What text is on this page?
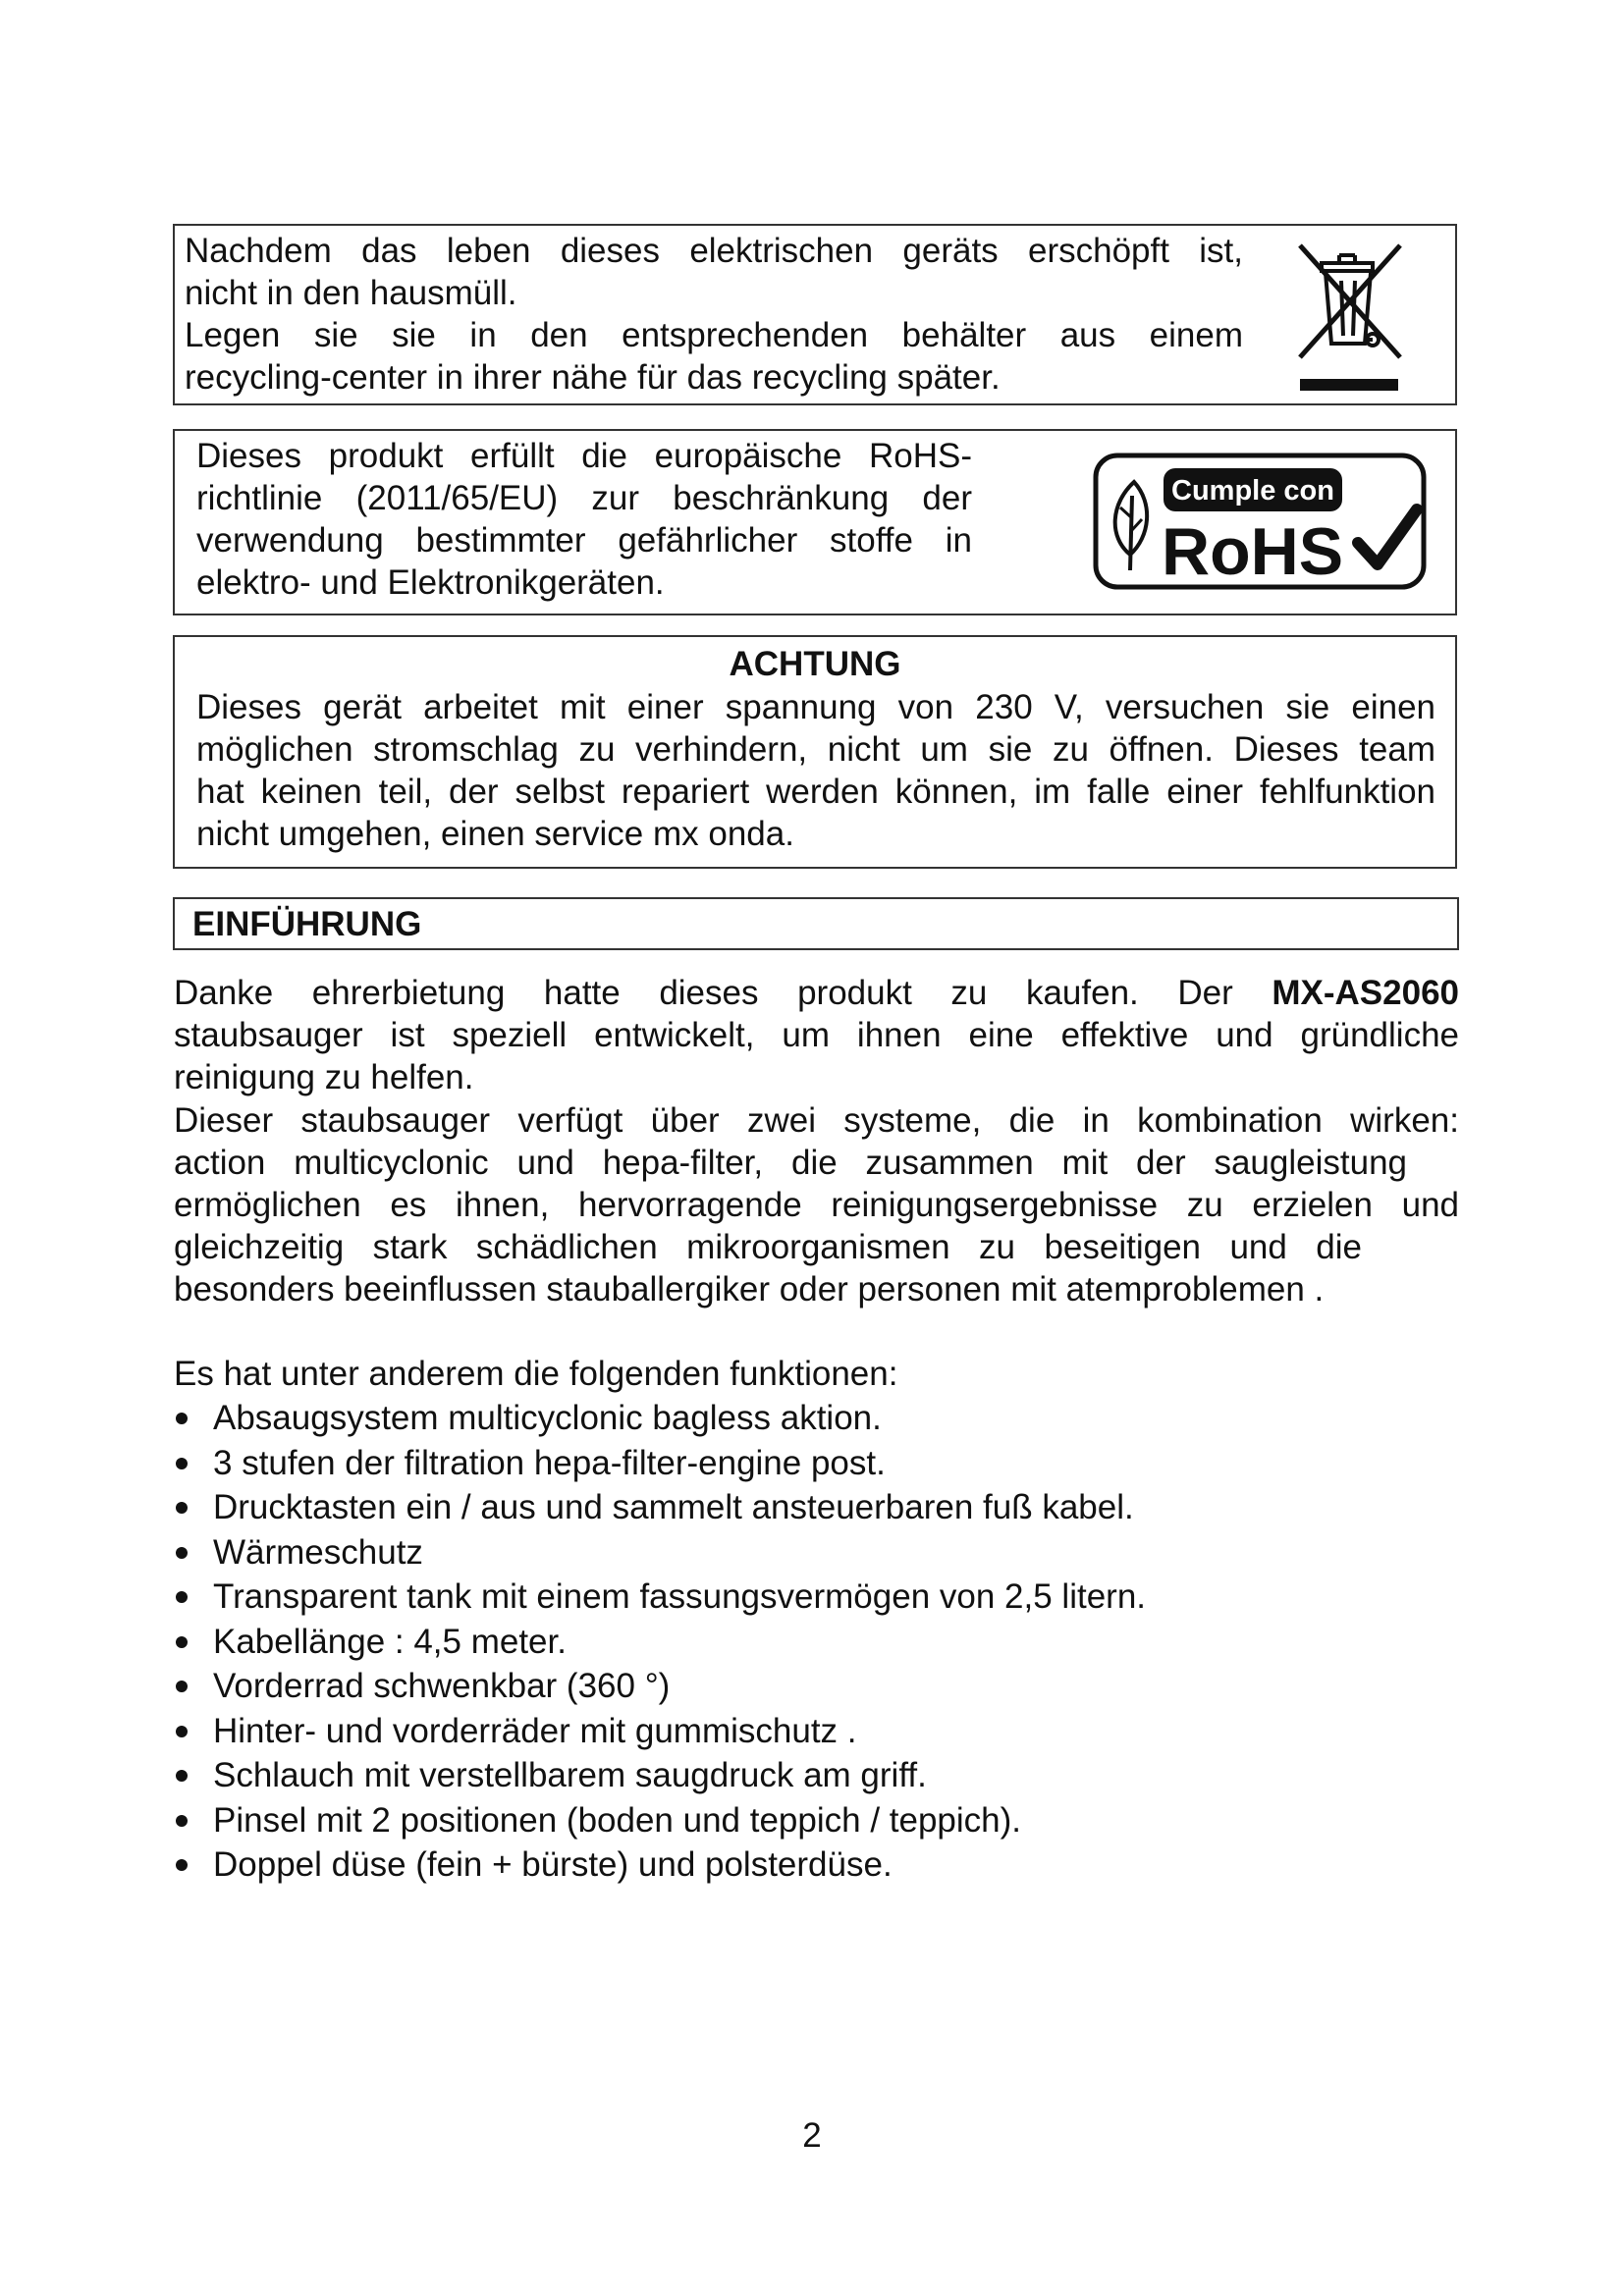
Nachdem das leben dieses elektrischen geräts erschöpft ist,
nicht in den hausmüll.
Legen sie sie in den entsprechenden behälter aus einem
recycling-center in ihrer nähe für das recycling später.

Dieses produkt erfüllt die europäische RoHS-
richtlinie (2011/65/EU) zur beschränkung der
verwendung bestimmter gefährlicher stoffe in
elektro- und Elektronikgeräten.

Cumple con
RoHS

ACHTUNG

Dieses gerät arbeitet mit einer spannung von 230 V, versuchen sie einen
möglichen stromschlag zu verhindern, nicht um sie zu öffnen. Dieses team
hat keinen teil, der selbst repariert werden können, im falle einer fehlfunktion
nicht umgehen, einen service mx onda.

EINFÜHRUNG

Danke ehrerbietung hatte dieses produkt zu kaufen. Der MX-AS2060
staubsauger ist speziell entwickelt, um ihnen eine effektive und gründliche
reinigung zu helfen.

Dieser staubsauger verfügt über zwei systeme, die in kombination wirken:
action multicyclonic und hepa-filter, die zusammen mit der saugleistung
ermöglichen es ihnen, hervorragende reinigungsergebnisse zu erzielen und
gleichzeitig stark schädlichen mikroorganismen zu beseitigen und die
besonders beeinflussen stauballergiker oder personen mit atemproblemen .

Es hat unter anderem die folgenden funktionen:

Absaugsystem multicyclonic bagless aktion.
3 stufen der filtration hepa-filter-engine post.
Drucktasten ein / aus und sammelt ansteuerbaren fuß kabel.
Wärmeschutz
Transparent tank mit einem fassungsvermögen von 2,5 litern.
Kabellänge : 4,5 meter.
Vorderrad schwenkbar (360 °)
Hinter- und vorderräder mit gummischutz .
Schlauch mit verstellbarem saugdruck am griff.
Pinsel mit 2 positionen (boden und teppich / teppich).
Doppel düse (fein + bürste) und polsterdüse.

2
